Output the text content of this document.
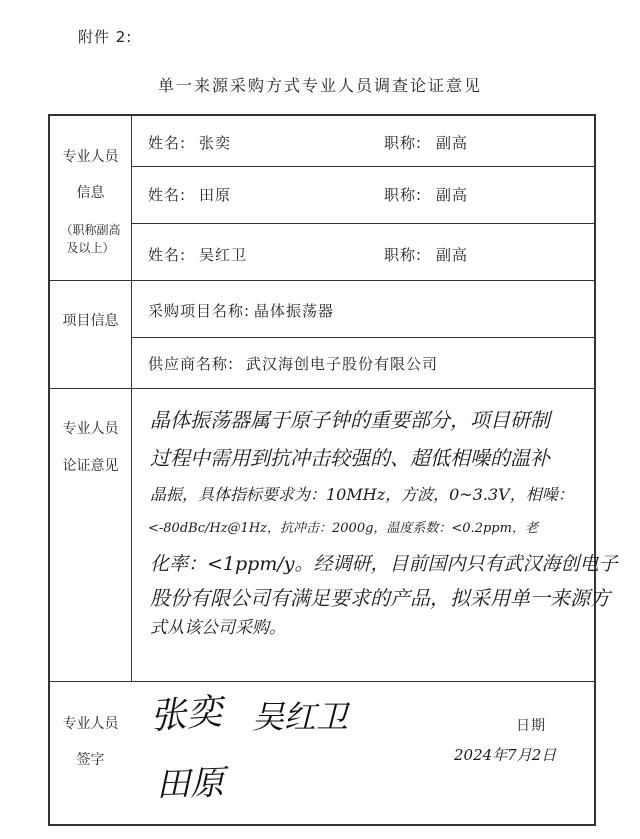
附件 2:
单一来源采购方式专业人员调查论证意见
专业人员
信息
（职称副高
及以上）
姓名: 张奕	职称: 副高
姓名: 田原	职称: 副高
姓名: 吴红卫	职称: 副高
项目信息
采购项目名称: 晶体振荡器
供应商名称: 武汉海创电子股份有限公司
专业人员
论证意见
晶体振荡器属于原子钟的重要部分，项目研制
过程中需用到抗冲击较强的、超低相噪的温补
晶振，具体指标要求为：10MHz，方波，0~3.3V，相噪：
<-80dBc/Hz@1Hz，抗冲击：2000g，温度系数：<0.2ppm，老
化率：<1ppm/y。经调研，目前国内只有武汉海创电子
股份有限公司有满足要求的产品，拟采用单一来源方
式从该公司采购。
专业人员
签字
张奕 吴红卫
田原
日期
2024年7月2日
